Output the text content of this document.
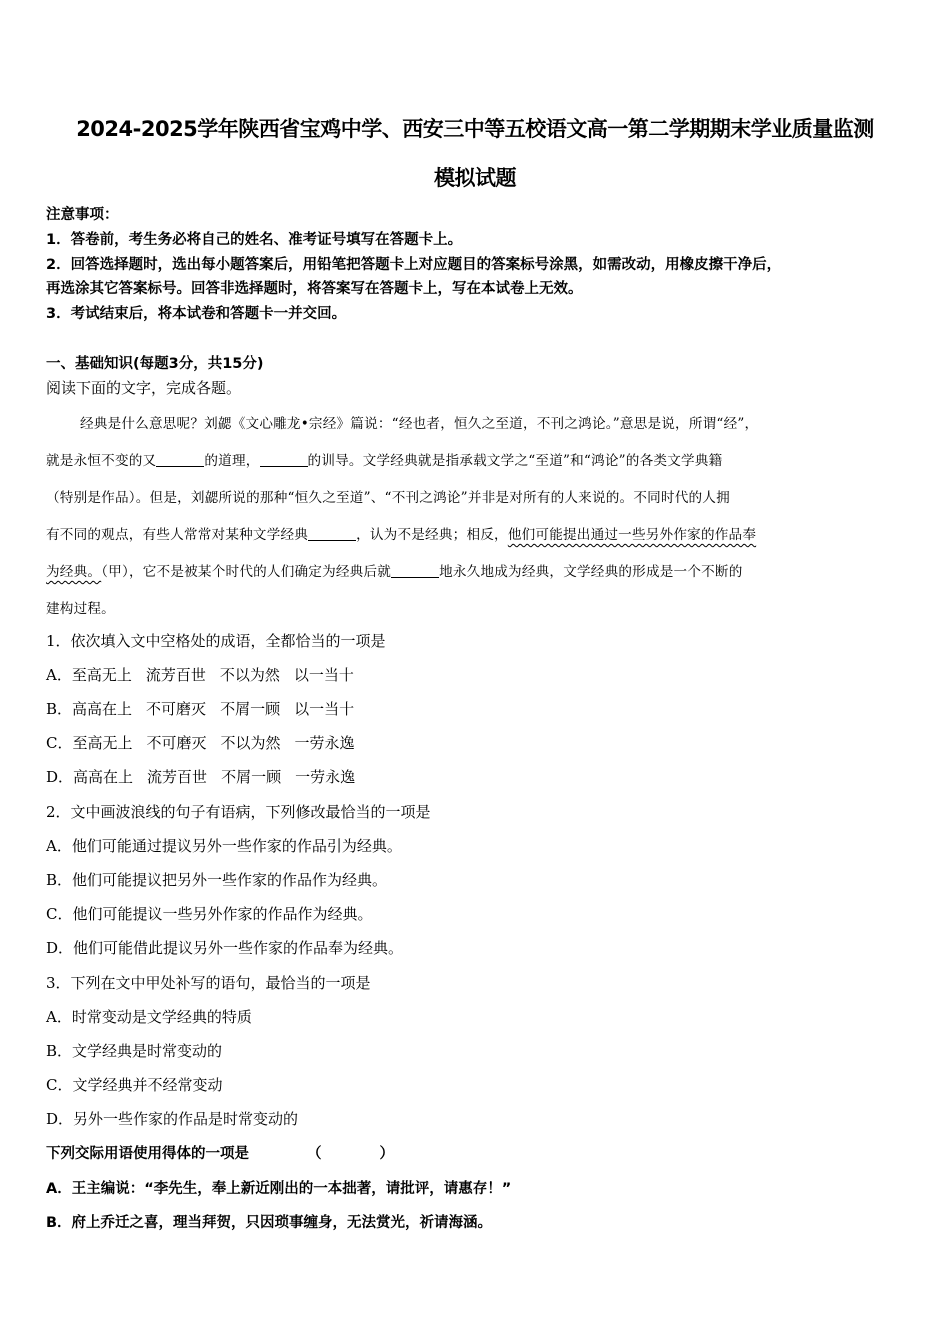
2024-2025学年陕西省宝鸡中学、西安三中等五校语文高一第二学期期末学业质量监测
模拟试题
注意事项：
1．答卷前，考生务必将自己的姓名、准考证号填写在答题卡上。
2．回答选择题时，选出每小题答案后，用铅笔把答题卡上对应题目的答案标号涂黑，如需改动，用橡皮擦干净后，
再选涂其它答案标号。回答非选择题时，将答案写在答题卡上，写在本试卷上无效。
3．考试结束后，将本试卷和答题卡一并交回。
一、基础知识(每题3分，共15分)
阅读下面的文字，完成各题。
经典是什么意思呢？刘勰《文心雕龙•宗经》篇说：“经也者，恒久之至道，不刊之鸿论。”意思是说，所谓“经”，
就是永恒不变的又	的道理，	的训导。文学经典就是指承载文学之“至道”和“鸿论”的各类文学典籍
（特别是作品）。但是，刘勰所说的那种“恒久之至道”、“不刊之鸿论”并非是对所有的人来说的。不同时代的人拥
有不同的观点，有些人常常对某种文学经典	，认为不是经典；相反，他们可能提出通过一些另外作家的作品奉
为经典。（甲），它不是被某个时代的人们确定为经典后就	地永久地成为经典，文学经典的形成是一个不断的
建构过程。
1．依次填入文中空格处的成语，全都恰当的一项是
A．至高无上 流芳百世 不以为然 以一当十
B．高高在上 不可磨灭 不屑一顾 以一当十
C．至高无上 不可磨灭 不以为然 一劳永逸
D．高高在上 流芳百世 不屑一顾 一劳永逸
2．文中画波浪线的句子有语病，下列修改最恰当的一项是
A．他们可能通过提议另外一些作家的作品引为经典。
B．他们可能提议把另外一些作家的作品作为经典。
C．他们可能提议一些另外作家的作品作为经典。
D．他们可能借此提议另外一些作家的作品奉为经典。
3．下列在文中甲处补写的语句，最恰当的一项是
A．时常变动是文学经典的特质
B．文学经典是时常变动的
C．文学经典并不经常变动
D．另外一些作家的作品是时常变动的
下列交际用语使用得体的一项是	（　　　　）
A．王主编说：“李先生，奉上新近刚出的一本拙著，请批评，请惠存！”
B．府上乔迁之喜，理当拜贺，只因琐事缠身，无法赏光，祈请海涵。
